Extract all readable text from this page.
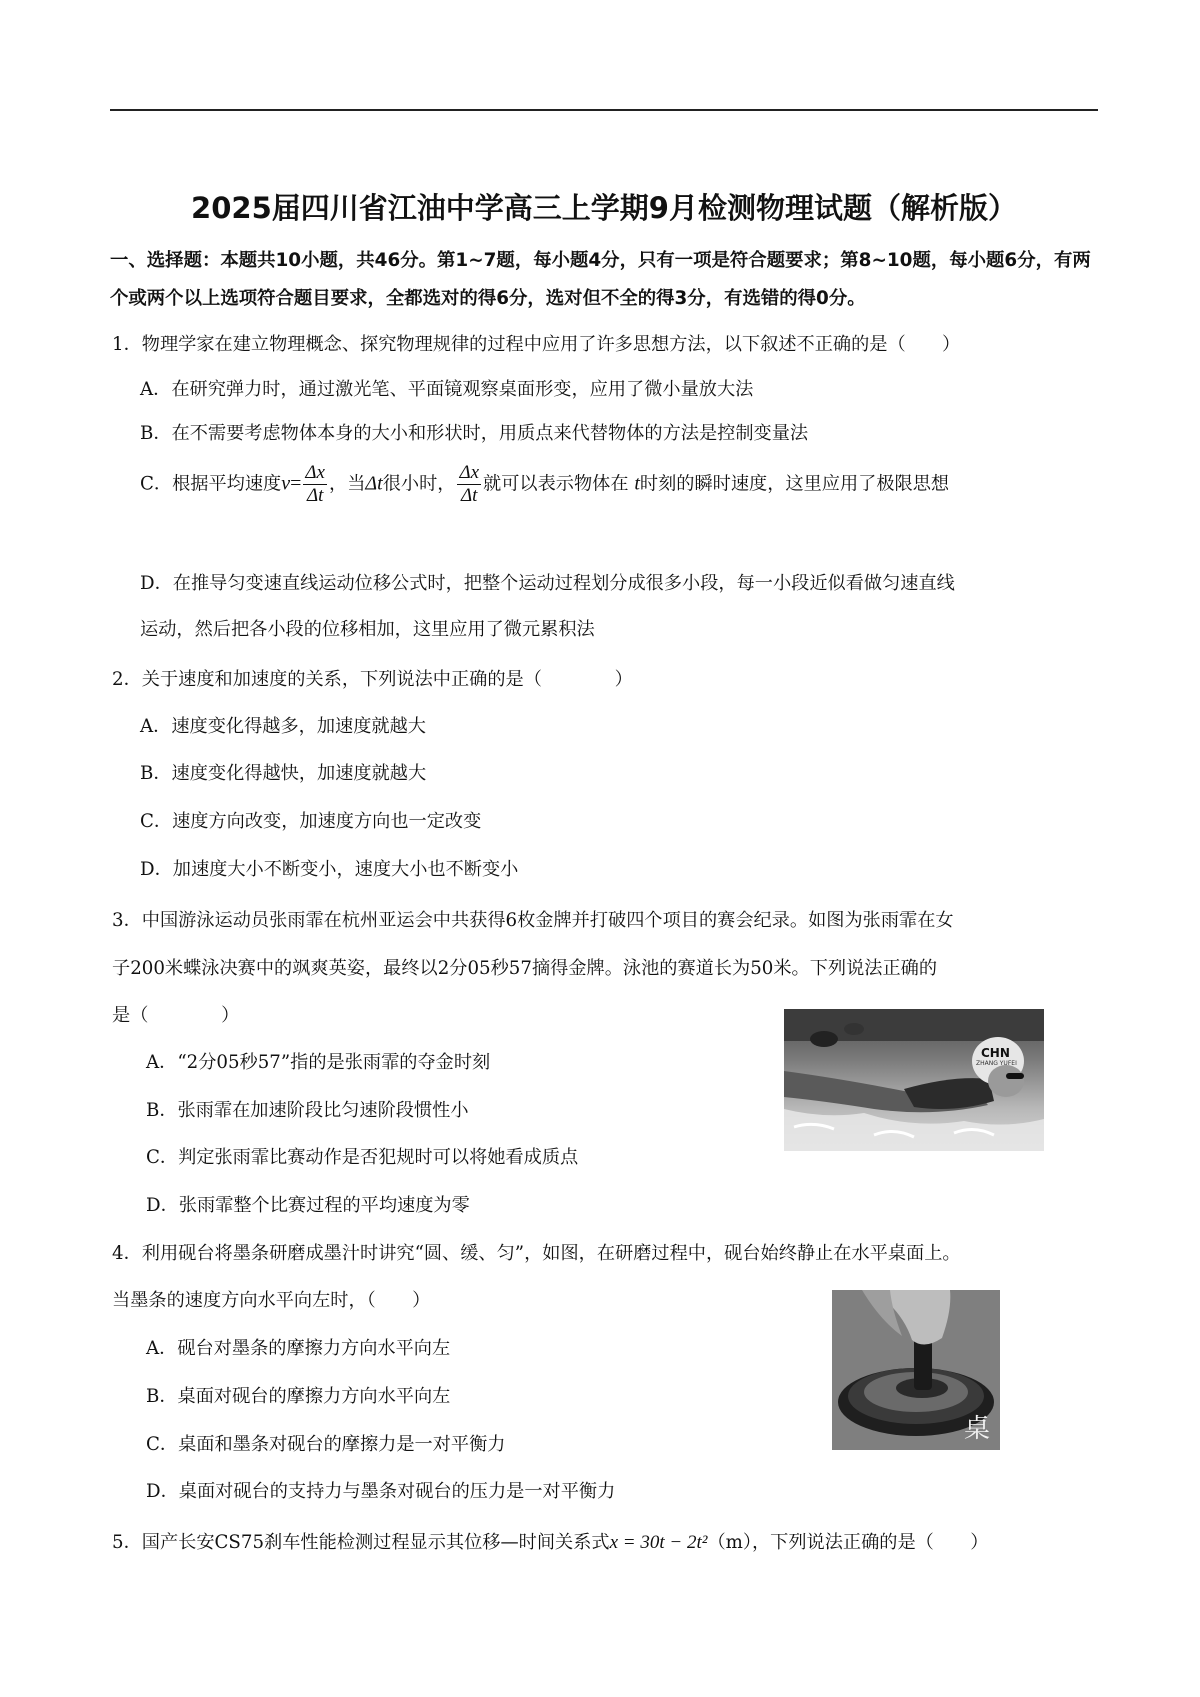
2025届四川省江油中学高三上学期9月检测物理试题（解析版）
一、选择题：本题共10小题，共46分。第1~7题，每小题4分，只有一项是符合题要求；第8~10题，每小题6分，有两个或两个以上选项符合题目要求，全都选对的得6分，选对但不全的得3分，有选错的得0分。
1．物理学家在建立物理概念、探究物理规律的过程中应用了许多思想方法，以下叙述不正确的是（　　）
A．在研究弹力时，通过激光笔、平面镜观察桌面形变，应用了微小量放大法
B．在不需要考虑物体本身的大小和形状时，用质点来代替物体的方法是控制变量法
C．根据平均速度$v= \frac{\Delta x}{\Delta t}$ ，当Δt很小时， $\frac{\Delta x}{\Delta t}$ 就可以表示物体在 t时刻的瞬时速度，这里应用了极限思想
D．在推导匀变速直线运动位移公式时，把整个运动过程划分成很多小段，每一小段近似看做匀速直线
运动，然后把各小段的位移相加，这里应用了微元累积法
2．关于速度和加速度的关系，下列说法中正确的是（　　　　）
A．速度变化得越多，加速度就越大
B．速度变化得越快，加速度就越大
C．速度方向改变，加速度方向也一定改变
D．加速度大小不断变小，速度大小也不断变小
3．中国游泳运动员张雨霏在杭州亚运会中共获得6枚金牌并打破四个项目的赛会纪录。如图为张雨霏在女
子200米蝶泳决赛中的飒爽英姿，最终以2分05秒57摘得金牌。泳池的赛道长为50米。下列说法正确的
是（　　　　）
A．“2分05秒57”指的是张雨霏的夺金时刻
B．张雨霏在加速阶段比匀速阶段惯性小
C．判定张雨霏比赛动作是否犯规时可以将她看成质点
D．张雨霏整个比赛过程的平均速度为零
CHN
ZHANG YUFEI
4．利用砚台将墨条研磨成墨汁时讲究“圆、缓、匀”，如图，在研磨过程中，砚台始终静止在水平桌面上。
当墨条的速度方向水平向左时，（　　）
A．砚台对墨条的摩擦力方向水平向左
B．桌面对砚台的摩擦力方向水平向左
C．桌面和墨条对砚台的摩擦力是一对平衡力
D．桌面对砚台的支持力与墨条对砚台的压力是一对平衡力
桌
5．国产长安CS75刹车性能检测过程显示其位移—时间关系式x = 30t − 2t²（m），下列说法正确的是（　　）
